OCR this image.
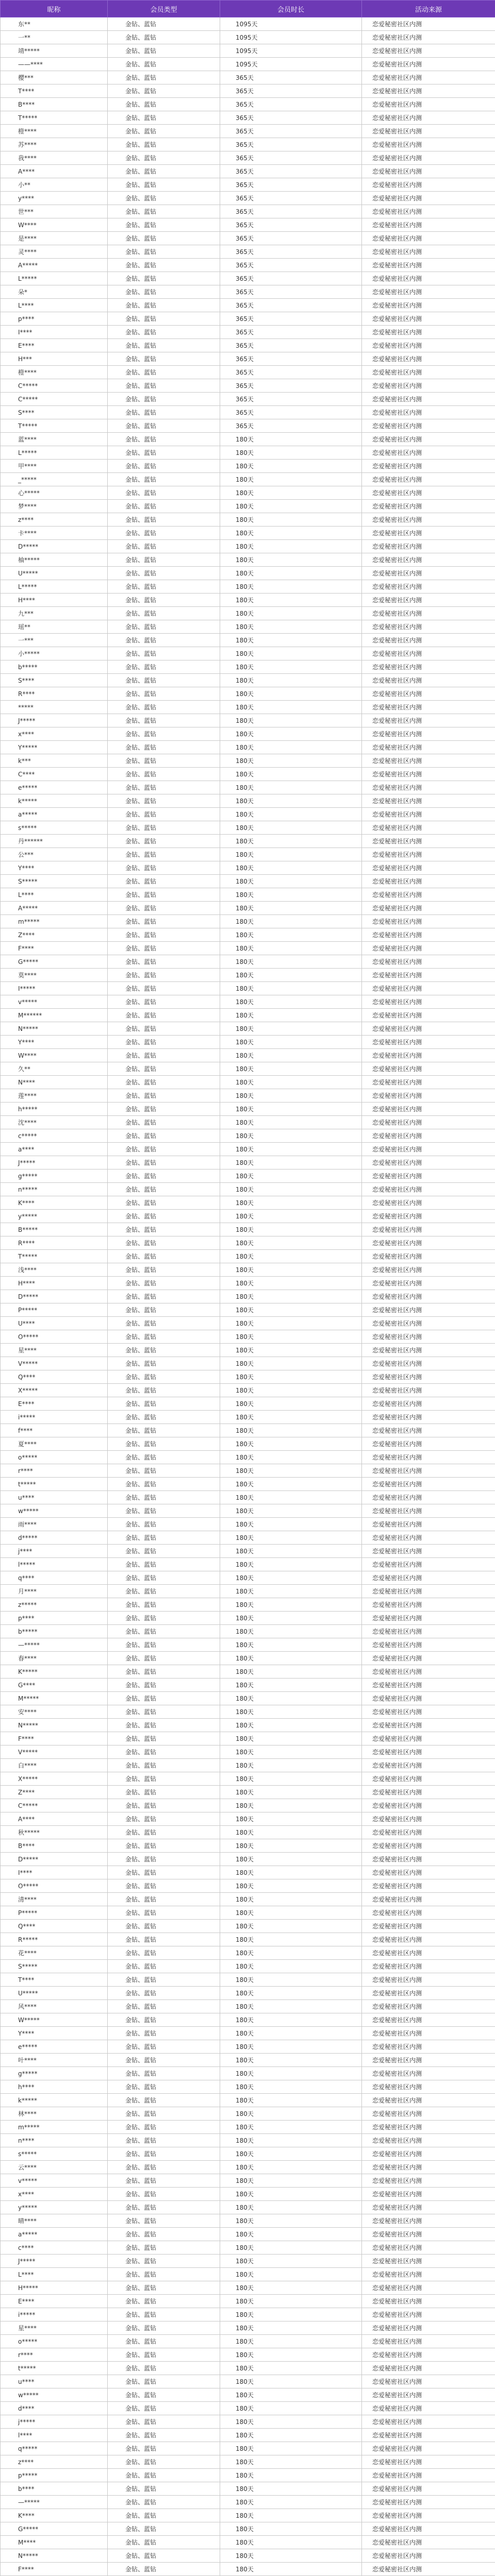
昵称	会员类型	会员时长	活动来源
东**	金钻、蓝钻	1095天	恋爱秘密社区内测
一**	金钻、蓝钻	1095天	恋爱秘密社区内测
靖*****	金钻、蓝钻	1095天	恋爱秘密社区内测
——****	金钻、蓝钻	1095天	恋爱秘密社区内测
樱***	金钻、蓝钻	365天	恋爱秘密社区内测
T****	金钻、蓝钻	365天	恋爱秘密社区内测
B****	金钻、蓝钻	365天	恋爱秘密社区内测
T*****	金钻、蓝钻	365天	恋爱秘密社区内测
橙****	金钻、蓝钻	365天	恋爱秘密社区内测
苏****	金钻、蓝钻	365天	恋爱秘密社区内测
我****	金钻、蓝钻	365天	恋爱秘密社区内测
A****	金钻、蓝钻	365天	恋爱秘密社区内测
小**	金钻、蓝钻	365天	恋爱秘密社区内测
y****	金钻、蓝钻	365天	恋爱秘密社区内测
世***	金钻、蓝钻	365天	恋爱秘密社区内测
W****	金钻、蓝钻	365天	恋爱秘密社区内测
是****	金钻、蓝钻	365天	恋爱秘密社区内测
灵****	金钻、蓝钻	365天	恋爱秘密社区内测
A*****	金钻、蓝钻	365天	恋爱秘密社区内测
L*****	金钻、蓝钻	365天	恋爱秘密社区内测
朵*	金钻、蓝钻	365天	恋爱秘密社区内测
L****	金钻、蓝钻	365天	恋爱秘密社区内测
p****	金钻、蓝钻	365天	恋爱秘密社区内测
I****	金钻、蓝钻	365天	恋爱秘密社区内测
E****	金钻、蓝钻	365天	恋爱秘密社区内测
H***	金钻、蓝钻	365天	恋爱秘密社区内测
橙****	金钻、蓝钻	365天	恋爱秘密社区内测
C*****	金钻、蓝钻	365天	恋爱秘密社区内测
C*****	金钻、蓝钻	365天	恋爱秘密社区内测
S****	金钻、蓝钻	365天	恋爱秘密社区内测
T*****	金钻、蓝钻	365天	恋爱秘密社区内测
蓝****	金钻、蓝钻	180天	恋爱秘密社区内测
L*****	金钻、蓝钻	180天	恋爱秘密社区内测
甲****	金钻、蓝钻	180天	恋爱秘密社区内测
_*****	金钻、蓝钻	180天	恋爱秘密社区内测
心*****	金钻、蓝钻	180天	恋爱秘密社区内测
梦****	金钻、蓝钻	180天	恋爱秘密社区内测
z****	金钻、蓝钻	180天	恋爱秘密社区内测
卡****	金钻、蓝钻	180天	恋爱秘密社区内测
D*****	金钻、蓝钻	180天	恋爱秘密社区内测
柚*****	金钻、蓝钻	180天	恋爱秘密社区内测
U*****	金钻、蓝钻	180天	恋爱秘密社区内测
L*****	金钻、蓝钻	180天	恋爱秘密社区内测
H****	金钻、蓝钻	180天	恋爱秘密社区内测
九***	金钻、蓝钻	180天	恋爱秘密社区内测
瑶**	金钻、蓝钻	180天	恋爱秘密社区内测
一***	金钻、蓝钻	180天	恋爱秘密社区内测
小*****	金钻、蓝钻	180天	恋爱秘密社区内测
b*****	金钻、蓝钻	180天	恋爱秘密社区内测
S****	金钻、蓝钻	180天	恋爱秘密社区内测
R****	金钻、蓝钻	180天	恋爱秘密社区内测
*****	金钻、蓝钻	180天	恋爱秘密社区内测
J*****	金钻、蓝钻	180天	恋爱秘密社区内测
x****	金钻、蓝钻	180天	恋爱秘密社区内测
Y*****	金钻、蓝钻	180天	恋爱秘密社区内测
k***	金钻、蓝钻	180天	恋爱秘密社区内测
C****	金钻、蓝钻	180天	恋爱秘密社区内测
e*****	金钻、蓝钻	180天	恋爱秘密社区内测
k*****	金钻、蓝钻	180天	恋爱秘密社区内测
a*****	金钻、蓝钻	180天	恋爱秘密社区内测
s*****	金钻、蓝钻	180天	恋爱秘密社区内测
丹******	金钻、蓝钻	180天	恋爱秘密社区内测
公***	金钻、蓝钻	180天	恋爱秘密社区内测
Y****	金钻、蓝钻	180天	恋爱秘密社区内测
S*****	金钻、蓝钻	180天	恋爱秘密社区内测
L****	金钻、蓝钻	180天	恋爱秘密社区内测
A*****	金钻、蓝钻	180天	恋爱秘密社区内测
m*****	金钻、蓝钻	180天	恋爱秘密社区内测
Z****	金钻、蓝钻	180天	恋爱秘密社区内测
F****	金钻、蓝钻	180天	恋爱秘密社区内测
G*****	金钻、蓝钻	180天	恋爱秘密社区内测
莫****	金钻、蓝钻	180天	恋爱秘密社区内测
I*****	金钻、蓝钻	180天	恋爱秘密社区内测
v*****	金钻、蓝钻	180天	恋爱秘密社区内测
M******	金钻、蓝钻	180天	恋爱秘密社区内测
N*****	金钻、蓝钻	180天	恋爱秘密社区内测
Y****	金钻、蓝钻	180天	恋爱秘密社区内测
W****	金钻、蓝钻	180天	恋爱秘密社区内测
久**	金钻、蓝钻	180天	恋爱秘密社区内测
N****	金钻、蓝钻	180天	恋爱秘密社区内测
莲****	金钻、蓝钻	180天	恋爱秘密社区内测
h*****	金钻、蓝钻	180天	恋爱秘密社区内测
沈****	金钻、蓝钻	180天	恋爱秘密社区内测
c*****	金钻、蓝钻	180天	恋爱秘密社区内测
a****	金钻、蓝钻	180天	恋爱秘密社区内测
J*****	金钻、蓝钻	180天	恋爱秘密社区内测
g*****	金钻、蓝钻	180天	恋爱秘密社区内测
n*****	金钻、蓝钻	180天	恋爱秘密社区内测
K****	金钻、蓝钻	180天	恋爱秘密社区内测
y*****	金钻、蓝钻	180天	恋爱秘密社区内测
B*****	金钻、蓝钻	180天	恋爱秘密社区内测
R****	金钻、蓝钻	180天	恋爱秘密社区内测
T*****	金钻、蓝钻	180天	恋爱秘密社区内测
浅****	金钻、蓝钻	180天	恋爱秘密社区内测
H****	金钻、蓝钻	180天	恋爱秘密社区内测
D*****	金钻、蓝钻	180天	恋爱秘密社区内测
P*****	金钻、蓝钻	180天	恋爱秘密社区内测
U****	金钻、蓝钻	180天	恋爱秘密社区内测
O*****	金钻、蓝钻	180天	恋爱秘密社区内测
星****	金钻、蓝钻	180天	恋爱秘密社区内测
V*****	金钻、蓝钻	180天	恋爱秘密社区内测
Q****	金钻、蓝钻	180天	恋爱秘密社区内测
X*****	金钻、蓝钻	180天	恋爱秘密社区内测
E****	金钻、蓝钻	180天	恋爱秘密社区内测
i*****	金钻、蓝钻	180天	恋爱秘密社区内测
f****	金钻、蓝钻	180天	恋爱秘密社区内测
夏****	金钻、蓝钻	180天	恋爱秘密社区内测
o*****	金钻、蓝钻	180天	恋爱秘密社区内测
r****	金钻、蓝钻	180天	恋爱秘密社区内测
t*****	金钻、蓝钻	180天	恋爱秘密社区内测
u****	金钻、蓝钻	180天	恋爱秘密社区内测
w*****	金钻、蓝钻	180天	恋爱秘密社区内测
雨****	金钻、蓝钻	180天	恋爱秘密社区内测
d*****	金钻、蓝钻	180天	恋爱秘密社区内测
j****	金钻、蓝钻	180天	恋爱秘密社区内测
l*****	金钻、蓝钻	180天	恋爱秘密社区内测
q****	金钻、蓝钻	180天	恋爱秘密社区内测
月****	金钻、蓝钻	180天	恋爱秘密社区内测
z*****	金钻、蓝钻	180天	恋爱秘密社区内测
p****	金钻、蓝钻	180天	恋爱秘密社区内测
b*****	金钻、蓝钻	180天	恋爱秘密社区内测
—*****	金钻、蓝钻	180天	恋爱秘密社区内测
春****	金钻、蓝钻	180天	恋爱秘密社区内测
K*****	金钻、蓝钻	180天	恋爱秘密社区内测
G****	金钻、蓝钻	180天	恋爱秘密社区内测
M*****	金钻、蓝钻	180天	恋爱秘密社区内测
安****	金钻、蓝钻	180天	恋爱秘密社区内测
N*****	金钻、蓝钻	180天	恋爱秘密社区内测
F****	金钻、蓝钻	180天	恋爱秘密社区内测
V*****	金钻、蓝钻	180天	恋爱秘密社区内测
白****	金钻、蓝钻	180天	恋爱秘密社区内测
X*****	金钻、蓝钻	180天	恋爱秘密社区内测
Z****	金钻、蓝钻	180天	恋爱秘密社区内测
C*****	金钻、蓝钻	180天	恋爱秘密社区内测
A****	金钻、蓝钻	180天	恋爱秘密社区内测
秋*****	金钻、蓝钻	180天	恋爱秘密社区内测
B****	金钻、蓝钻	180天	恋爱秘密社区内测
D*****	金钻、蓝钻	180天	恋爱秘密社区内测
I****	金钻、蓝钻	180天	恋爱秘密社区内测
O*****	金钻、蓝钻	180天	恋爱秘密社区内测
清****	金钻、蓝钻	180天	恋爱秘密社区内测
P*****	金钻、蓝钻	180天	恋爱秘密社区内测
Q****	金钻、蓝钻	180天	恋爱秘密社区内测
R*****	金钻、蓝钻	180天	恋爱秘密社区内测
花****	金钻、蓝钻	180天	恋爱秘密社区内测
S*****	金钻、蓝钻	180天	恋爱秘密社区内测
T****	金钻、蓝钻	180天	恋爱秘密社区内测
U*****	金钻、蓝钻	180天	恋爱秘密社区内测
风****	金钻、蓝钻	180天	恋爱秘密社区内测
W*****	金钻、蓝钻	180天	恋爱秘密社区内测
Y****	金钻、蓝钻	180天	恋爱秘密社区内测
e*****	金钻、蓝钻	180天	恋爱秘密社区内测
叶****	金钻、蓝钻	180天	恋爱秘密社区内测
g*****	金钻、蓝钻	180天	恋爱秘密社区内测
h****	金钻、蓝钻	180天	恋爱秘密社区内测
k*****	金钻、蓝钻	180天	恋爱秘密社区内测
林****	金钻、蓝钻	180天	恋爱秘密社区内测
m*****	金钻、蓝钻	180天	恋爱秘密社区内测
n****	金钻、蓝钻	180天	恋爱秘密社区内测
s*****	金钻、蓝钻	180天	恋爱秘密社区内测
云****	金钻、蓝钻	180天	恋爱秘密社区内测
v*****	金钻、蓝钻	180天	恋爱秘密社区内测
x****	金钻、蓝钻	180天	恋爱秘密社区内测
y*****	金钻、蓝钻	180天	恋爱秘密社区内测
晴****	金钻、蓝钻	180天	恋爱秘密社区内测
a*****	金钻、蓝钻	180天	恋爱秘密社区内测
c****	金钻、蓝钻	180天	恋爱秘密社区内测
J*****	金钻、蓝钻	180天	恋爱秘密社区内测
L****	金钻、蓝钻	180天	恋爱秘密社区内测
H*****	金钻、蓝钻	180天	恋爱秘密社区内测
E****	金钻、蓝钻	180天	恋爱秘密社区内测
i*****	金钻、蓝钻	180天	恋爱秘密社区内测
星****	金钻、蓝钻	180天	恋爱秘密社区内测
o*****	金钻、蓝钻	180天	恋爱秘密社区内测
r****	金钻、蓝钻	180天	恋爱秘密社区内测
t*****	金钻、蓝钻	180天	恋爱秘密社区内测
u****	金钻、蓝钻	180天	恋爱秘密社区内测
w*****	金钻、蓝钻	180天	恋爱秘密社区内测
d****	金钻、蓝钻	180天	恋爱秘密社区内测
j*****	金钻、蓝钻	180天	恋爱秘密社区内测
l****	金钻、蓝钻	180天	恋爱秘密社区内测
q*****	金钻、蓝钻	180天	恋爱秘密社区内测
z****	金钻、蓝钻	180天	恋爱秘密社区内测
p*****	金钻、蓝钻	180天	恋爱秘密社区内测
b****	金钻、蓝钻	180天	恋爱秘密社区内测
—*****	金钻、蓝钻	180天	恋爱秘密社区内测
K****	金钻、蓝钻	180天	恋爱秘密社区内测
G*****	金钻、蓝钻	180天	恋爱秘密社区内测
M****	金钻、蓝钻	180天	恋爱秘密社区内测
N*****	金钻、蓝钻	180天	恋爱秘密社区内测
F****	金钻、蓝钻	180天	恋爱秘密社区内测
